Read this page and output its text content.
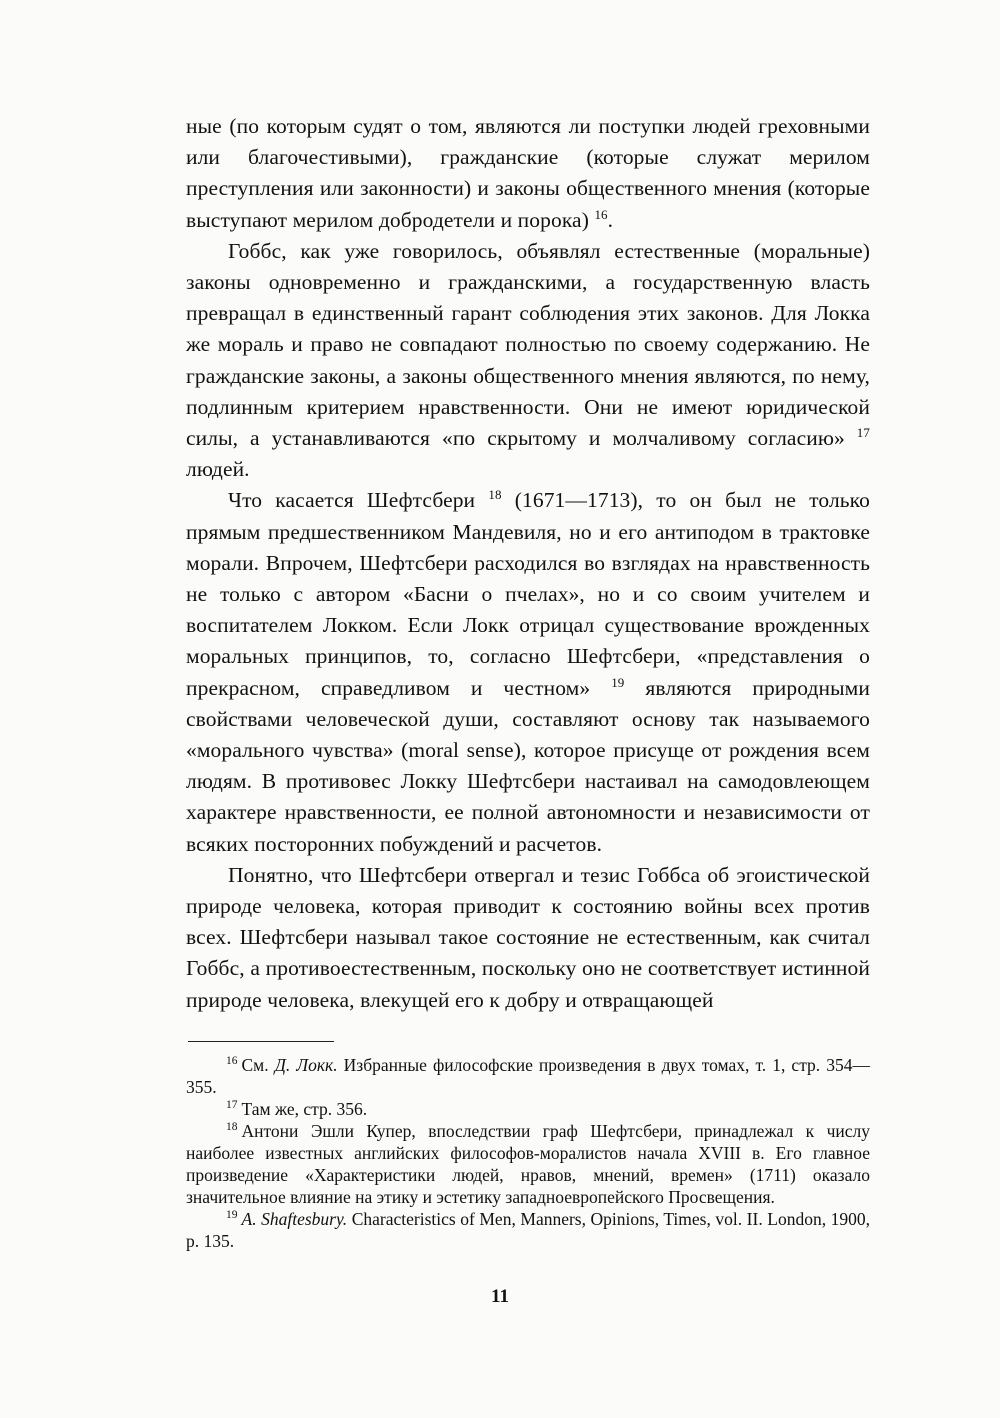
ные (по которым судят о том, являются ли поступки людей греховными или благочестивыми), гражданские (которые служат мерилом преступления или законности) и законы общественного мнения (которые выступают мерилом добродетели и порока) $^{16}$.

Гоббс, как уже говорилось, объявлял естественные (моральные) законы одновременно и гражданскими, а государственную власть превращал в единственный гарант соблюдения этих законов. Для Локка же мораль и право не совпадают полностью по своему содержанию. Не гражданские законы, а законы общественного мнения являются, по нему, подлинным критерием нравственности. Они не имеют юридической силы, а устанавливаются «по скрытому и молчаливому согласию» $^{17}$ людей.

Что касается Шефтсбери $^{18}$ (1671—1713), то он был не только прямым предшественником Мандевиля, но и его антиподом в трактовке морали. Впрочем, Шефтсбери расходился во взглядах на нравственность не только с автором «Басни о пчелах», но и со своим учителем и воспитателем Локком. Если Локк отрицал существование врожденных моральных принципов, то, согласно Шефтсбери, «представления о прекрасном, справедливом и честном» $^{19}$ являются природными свойствами человеческой души, составляют основу так называемого «морального чувства» (moral sense), которое присуще от рождения всем людям. В противовес Локку Шефтсбери настаивал на самодовлеющем характере нравственности, ее полной автономности и независимости от всяких посторонних побуждений и расчетов.

Понятно, что Шефтсбери отвергал и тезис Гоббса об эгоистической природе человека, которая приводит к состоянию войны всех против всех. Шефтсбери называл такое состояние не естественным, как считал Гоббс, а противоестественным, поскольку оно не соответствует истинной природе человека, влекущей его к добру и отвращающей

$^{16}$ См. Д. Локк. Избранные философские произведения в двух томах, т. 1, стр. 354—355.

$^{17}$ Там же, стр. 356.

$^{18}$ Антони Эшли Купер, впоследствии граф Шефтсбери, принадлежал к числу наиболее известных английских философов-моралистов начала XVIII в. Его главное произведение «Характеристики людей, нравов, мнений, времен» (1711) оказало значительное влияние на этику и эстетику западноевропейского Просвещения.

$^{19}$ A. Shaftesbury. Characteristics of Men, Manners, Opinions, Times, vol. II. London, 1900, p. 135.

11
